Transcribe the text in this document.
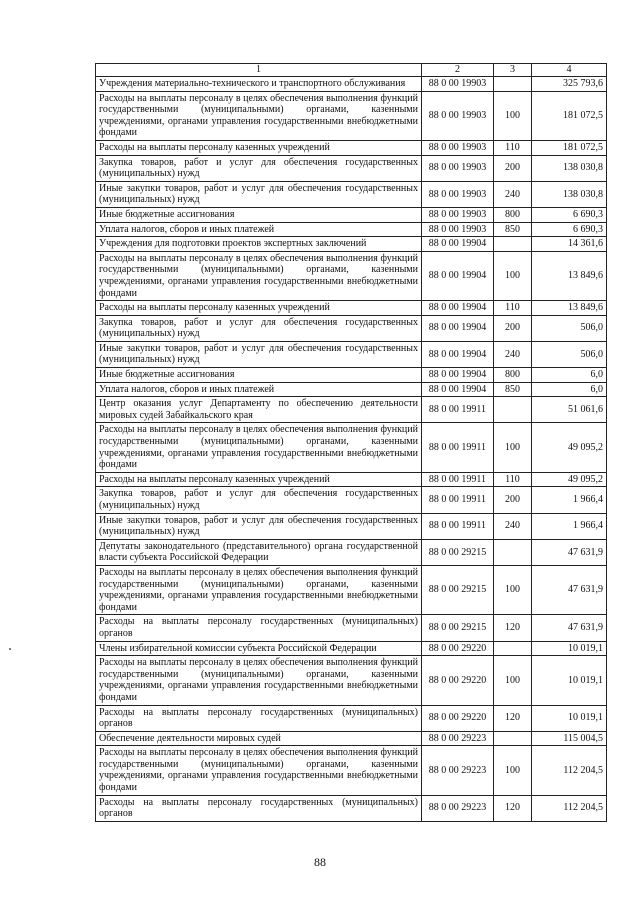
1	2	3	4
Учреждения материально-технического и транспортного обслуживания	88 0 00 19903		325 793,6
Расходы на выплаты персоналу в целях обеспечения выполнения функций государственными (муниципальными) органами, казенными учреждениями, органами управления государственными внебюджетными фондами	88 0 00 19903	100	181 072,5
Расходы на выплаты персоналу казенных учреждений	88 0 00 19903	110	181 072,5
Закупка товаров, работ и услуг для обеспечения государственных (муниципальных) нужд	88 0 00 19903	200	138 030,8
Иные закупки товаров, работ и услуг для обеспечения государственных (муниципальных) нужд	88 0 00 19903	240	138 030,8
Иные бюджетные ассигнования	88 0 00 19903	800	6 690,3
Уплата налогов, сборов и иных платежей	88 0 00 19903	850	6 690,3
Учреждения для подготовки проектов экспертных заключений	88 0 00 19904		14 361,6
Расходы на выплаты персоналу в целях обеспечения выполнения функций государственными (муниципальными) органами, казенными учреждениями, органами управления государственными внебюджетными фондами	88 0 00 19904	100	13 849,6
Расходы на выплаты персоналу казенных учреждений	88 0 00 19904	110	13 849,6
Закупка товаров, работ и услуг для обеспечения государственных (муниципальных) нужд	88 0 00 19904	200	506,0
Иные закупки товаров, работ и услуг для обеспечения государственных (муниципальных) нужд	88 0 00 19904	240	506,0
Иные бюджетные ассигнования	88 0 00 19904	800	6,0
Уплата налогов, сборов и иных платежей	88 0 00 19904	850	6,0
Центр оказания услуг Департаменту по обеспечению деятельности мировых судей Забайкальского края	88 0 00 19911		51 061,6
Расходы на выплаты персоналу в целях обеспечения выполнения функций государственными (муниципальными) органами, казенными учреждениями, органами управления государственными внебюджетными фондами	88 0 00 19911	100	49 095,2
Расходы на выплаты персоналу казенных учреждений	88 0 00 19911	110	49 095,2
Закупка товаров, работ и услуг для обеспечения государственных (муниципальных) нужд	88 0 00 19911	200	1 966,4
Иные закупки товаров, работ и услуг для обеспечения государственных (муниципальных) нужд	88 0 00 19911	240	1 966,4
Депутаты законодательного (представительного) органа государственной власти субъекта Российской Федерации	88 0 00 29215		47 631,9
Расходы на выплаты персоналу в целях обеспечения выполнения функций государственными (муниципальными) органами, казенными учреждениями, органами управления государственными внебюджетными фондами	88 0 00 29215	100	47 631,9
Расходы на выплаты персоналу государственных (муниципальных) органов	88 0 00 29215	120	47 631,9
Члены избирательной комиссии субъекта Российской Федерации	88 0 00 29220		10 019,1
Расходы на выплаты персоналу в целях обеспечения выполнения функций государственными (муниципальными) органами, казенными учреждениями, органами управления государственными внебюджетными фондами	88 0 00 29220	100	10 019,1
Расходы на выплаты персоналу государственных (муниципальных) органов	88 0 00 29220	120	10 019,1
Обеспечение деятельности мировых судей	88 0 00 29223		115 004,5
Расходы на выплаты персоналу в целях обеспечения выполнения функций государственными (муниципальными) органами, казенными учреждениями, органами управления государственными внебюджетными фондами	88 0 00 29223	100	112 204,5
Расходы на выплаты персоналу государственных (муниципальных) органов	88 0 00 29223	120	112 204,5
88
